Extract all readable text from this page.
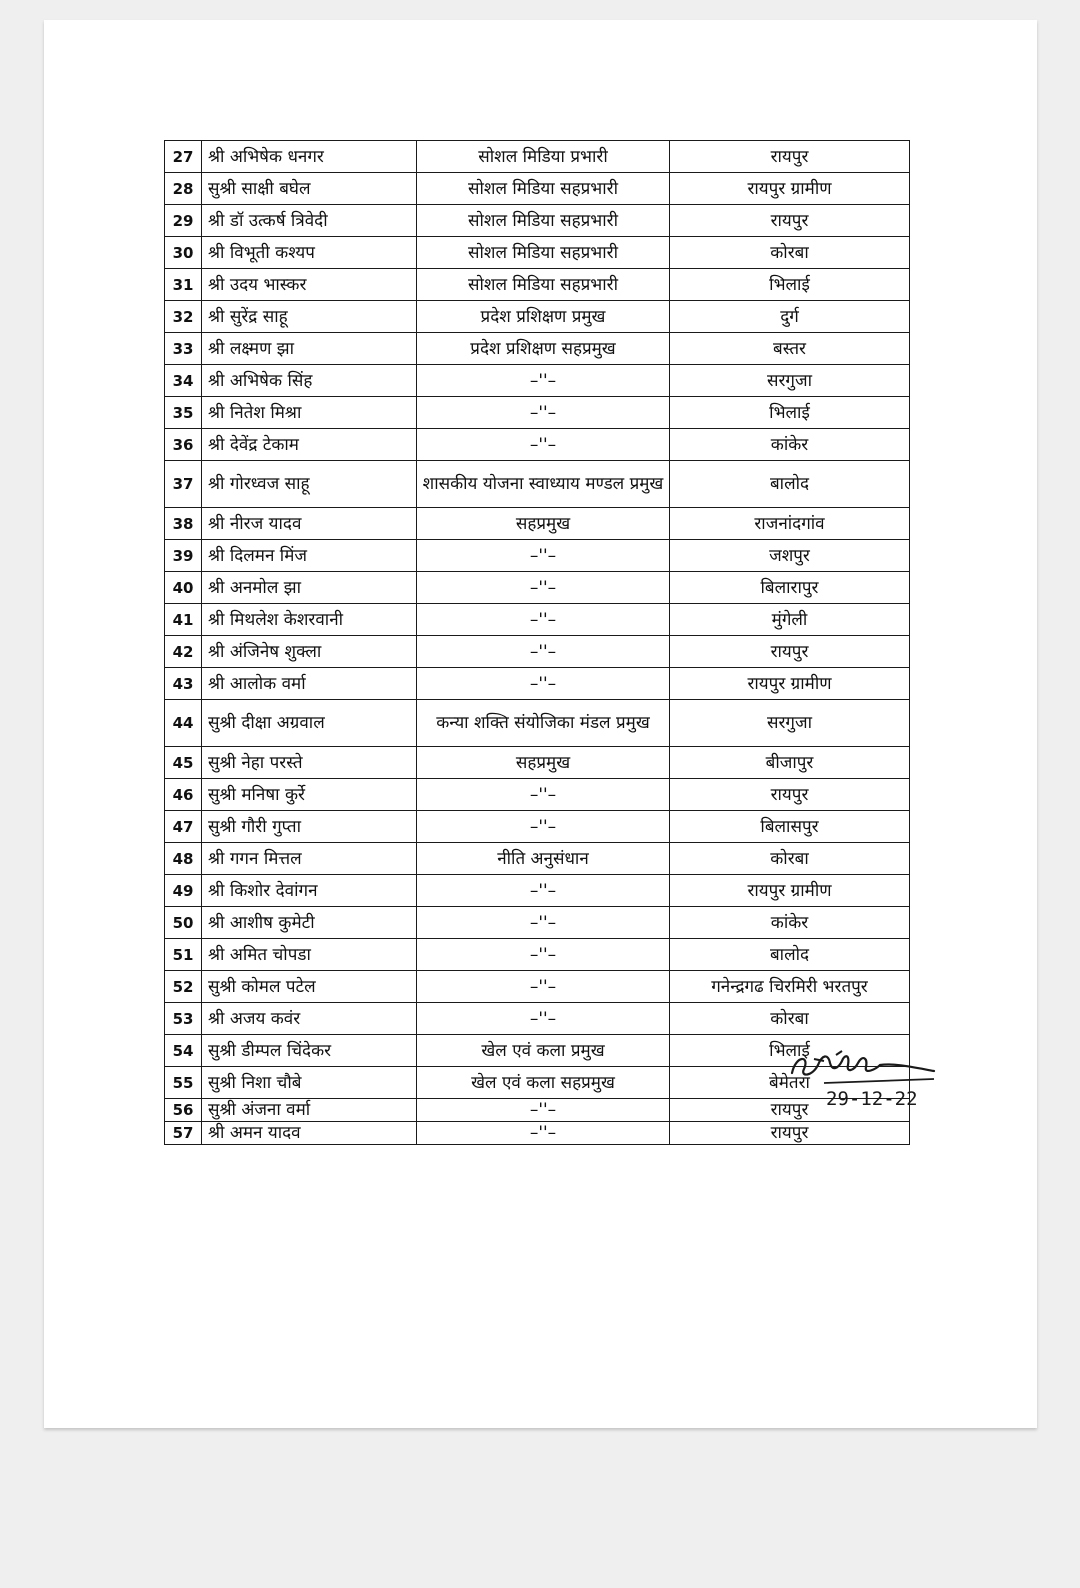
27	श्री अभिषेक धनगर	सोशल मिडिया प्रभारी	रायपुर
28	सुश्री साक्षी बघेल	सोशल मिडिया सहप्रभारी	रायपुर ग्रामीण
29	श्री डॉ उत्कर्ष त्रिवेदी	सोशल मिडिया सहप्रभारी	रायपुर
30	श्री विभूती कश्यप	सोशल मिडिया सहप्रभारी	कोरबा
31	श्री उदय भास्कर	सोशल मिडिया सहप्रभारी	भिलाई
32	श्री सुरेंद्र साहू	प्रदेश प्रशिक्षण प्रमुख	दुर्ग
33	श्री लक्ष्मण झा	प्रदेश प्रशिक्षण सहप्रमुख	बस्तर
34	श्री अभिषेक सिंह	–''–	सरगुजा
35	श्री नितेश मिश्रा	–''–	भिलाई
36	श्री देवेंद्र टेकाम	–''–	कांकेर
37	श्री गोरध्वज साहू	शासकीय योजना स्वाध्याय मण्डल प्रमुख	बालोद
38	श्री नीरज यादव	सहप्रमुख	राजनांदगांव
39	श्री दिलमन मिंज	–''–	जशपुर
40	श्री अनमोल झा	–''–	बिलारापुर
41	श्री मिथलेश केशरवानी	–''–	मुंगेली
42	श्री अंजिनेष शुक्ला	–''–	रायपुर
43	श्री आलोक वर्मा	–''–	रायपुर ग्रामीण
44	सुश्री दीक्षा अग्रवाल	कन्या शक्ति संयोजिका मंडल प्रमुख	सरगुजा
45	सुश्री नेहा परस्ते	सहप्रमुख	बीजापुर
46	सुश्री मनिषा कुर्रे	–''–	रायपुर
47	सुश्री गौरी गुप्ता	–''–	बिलासपुर
48	श्री गगन मित्तल	नीति अनुसंधान	कोरबा
49	श्री किशोर देवांगन	–''–	रायपुर ग्रामीण
50	श्री आशीष कुमेटी	–''–	कांकेर
51	श्री अमित चोपडा	–''–	बालोद
52	सुश्री कोमल पटेल	–''–	गनेन्द्रगढ चिरमिरी भरतपुर
53	श्री अजय कवंर	–''–	कोरबा
54	सुश्री डीम्पल चिंदेकर	खेल एवं कला प्रमुख	भिलाई
55	सुश्री निशा चौबे	खेल एवं कला सहप्रमुख	बेमेतरा
56	सुश्री अंजना वर्मा	–''–	रायपुर
57	श्री अमन यादव	–''–	रायपुर
29-12-22
